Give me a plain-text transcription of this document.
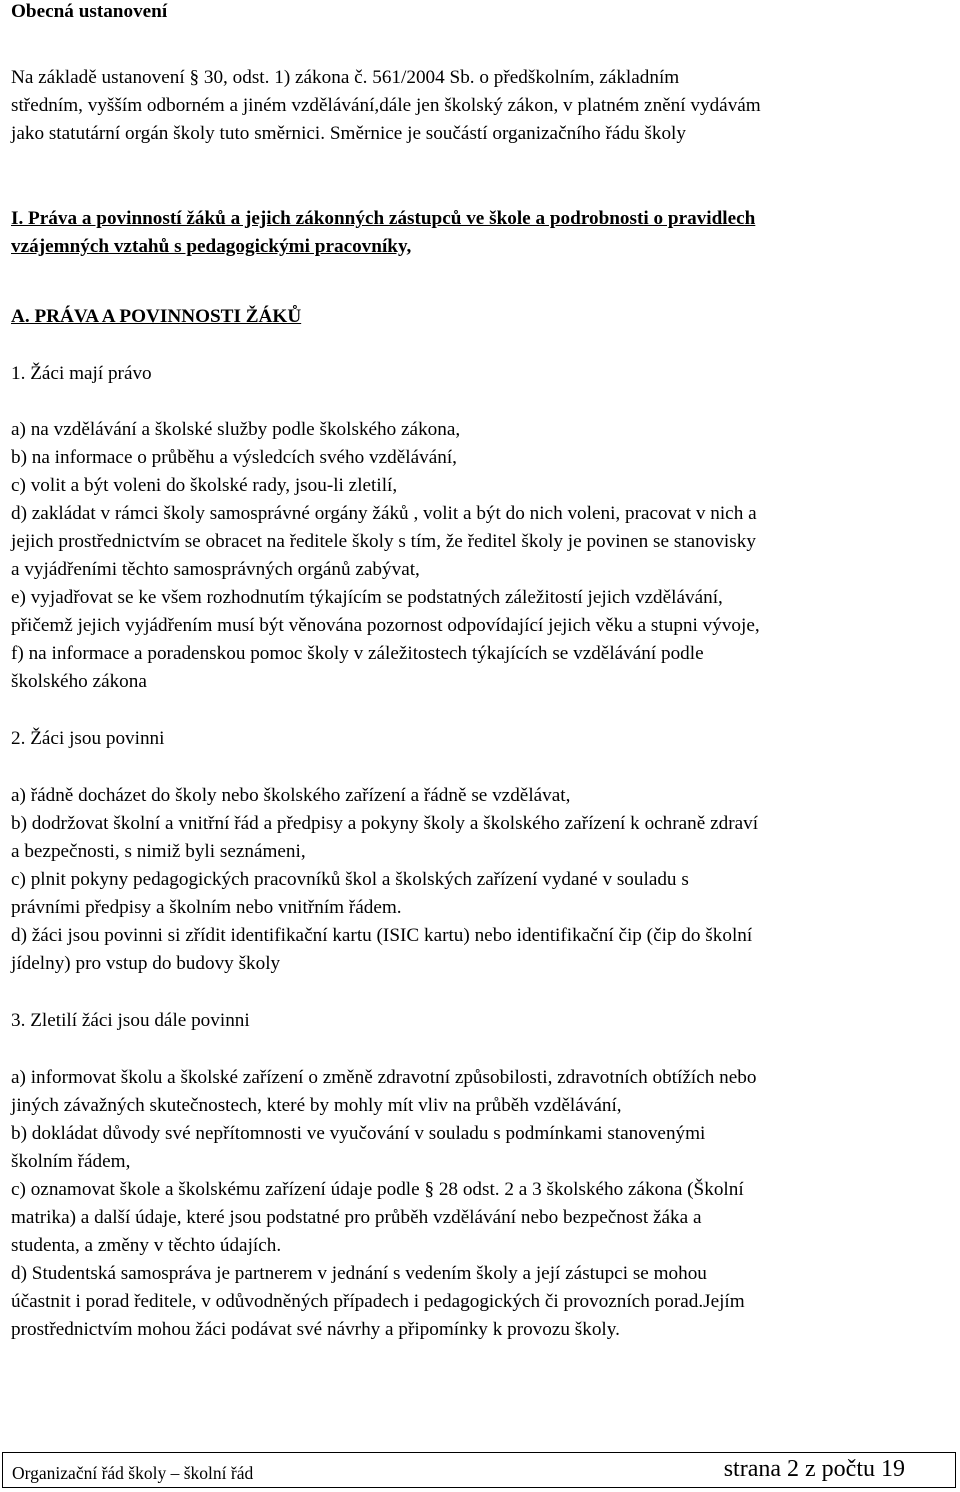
Obecná ustanovení
Na základě ustanovení § 30, odst. 1) zákona č. 561/2004 Sb. o předškolním, základním
středním, vyšším odborném a jiném vzdělávání,dále jen školský zákon, v platném znění vydávám
jako statutární orgán školy tuto směrnici. Směrnice je součástí organizačního řádu školy
I. Práva a povinností žáků a jejich zákonných zástupců ve škole a podrobnosti o pravidlech
vzájemných vztahů s pedagogickými pracovníky,
A. PRÁVA A POVINNOSTI ŽÁKŮ
1. Žáci mají právo
a) na vzdělávání a školské služby podle školského zákona,
b) na informace o průběhu a výsledcích svého vzdělávání,
c) volit a být voleni do školské rady, jsou-li zletilí,
d) zakládat v rámci školy samosprávné orgány žáků , volit a být do nich voleni, pracovat v nich a
jejich prostřednictvím se obracet na ředitele školy s tím, že ředitel školy je povinen se stanovisky
a vyjádřeními těchto samosprávných orgánů zabývat,
e) vyjadřovat se ke všem rozhodnutím týkajícím se podstatných záležitostí jejich vzdělávání,
přičemž jejich vyjádřením musí být věnována pozornost odpovídající jejich věku a stupni vývoje,
f) na informace a poradenskou pomoc školy v záležitostech týkajících se vzdělávání podle
školského zákona
2. Žáci jsou povinni
a) řádně docházet do školy nebo školského zařízení a řádně se vzdělávat,
b) dodržovat školní a vnitřní řád a předpisy a pokyny školy a školského zařízení k ochraně zdraví
a bezpečnosti, s nimiž byli seznámeni,
c) plnit pokyny pedagogických pracovníků škol a školských zařízení vydané v souladu s
právními předpisy a školním nebo vnitřním řádem.
d) žáci jsou povinni si zřídit identifikační kartu (ISIC kartu) nebo identifikační čip (čip do školní
jídelny) pro vstup do budovy školy
3. Zletilí žáci jsou dále povinni
a) informovat školu a školské zařízení o změně zdravotní způsobilosti, zdravotních obtížích nebo
jiných závažných skutečnostech, které by mohly mít vliv na průběh vzdělávání,
b) dokládat důvody své nepřítomnosti ve vyučování v souladu s podmínkami stanovenými
školním řádem,
c) oznamovat škole a školskému zařízení údaje podle § 28 odst. 2 a 3 školského zákona (Školní
matrika) a další údaje, které jsou podstatné pro průběh vzdělávání nebo bezpečnost žáka a
studenta, a změny v těchto údajích.
d) Studentská samospráva je partnerem v jednání s vedením školy a její zástupci se mohou
účastnit i porad ředitele, v odůvodněných případech i pedagogických či provozních porad.Jejím
prostřednictvím mohou žáci podávat své návrhy a připomínky k provozu školy.
Organizační řád školy – školní řád	strana 2 z počtu 19
